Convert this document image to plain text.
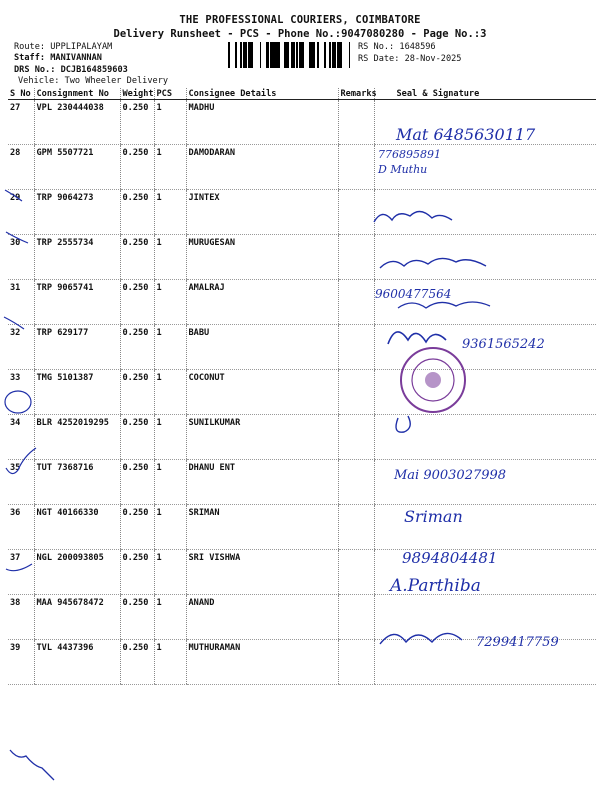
THE PROFESSIONAL COURIERS, COIMBATORE
Delivery Runsheet - PCS - Phone No.:9047080280 - Page No.:3
Route: UPPLIPALAYAM
Staff: MANIVANNAN
DRS No.: DCJB164859603
Vehicle: Two Wheeler Delivery
RS No.: 1648596
RS Date: 28-Nov-2025
S No	Consignment No	Weight	PCS	Consignee Details	Remarks	Seal & Signature
27	VPL 230444038	0.250	1	MADHU		
28	GPM 5507721	0.250	1	DAMODARAN		
29	TRP 9064273	0.250	1	JINTEX		
30	TRP 2555734	0.250	1	MURUGESAN		
31	TRP 9065741	0.250	1	AMALRAJ		
32	TRP 629177	0.250	1	BABU		
33	TMG 5101387	0.250	1	COCONUT		
34	BLR 4252019295	0.250	1	SUNILKUMAR		
35	TUT 7368716	0.250	1	DHANU ENT		
36	NGT 40166330	0.250	1	SRIMAN		
37	NGL 200093805	0.250	1	SRI VISHWA		
38	MAA 945678472	0.250	1	ANAND		
39	TVL 4437396	0.250	1	MUTHURAMAN		
Mat 6485630117
776895891
D Muthu
9600477564
9361565242
Mai 9003027998
Sriman
9894804481
A.Parthiba
7299417759
